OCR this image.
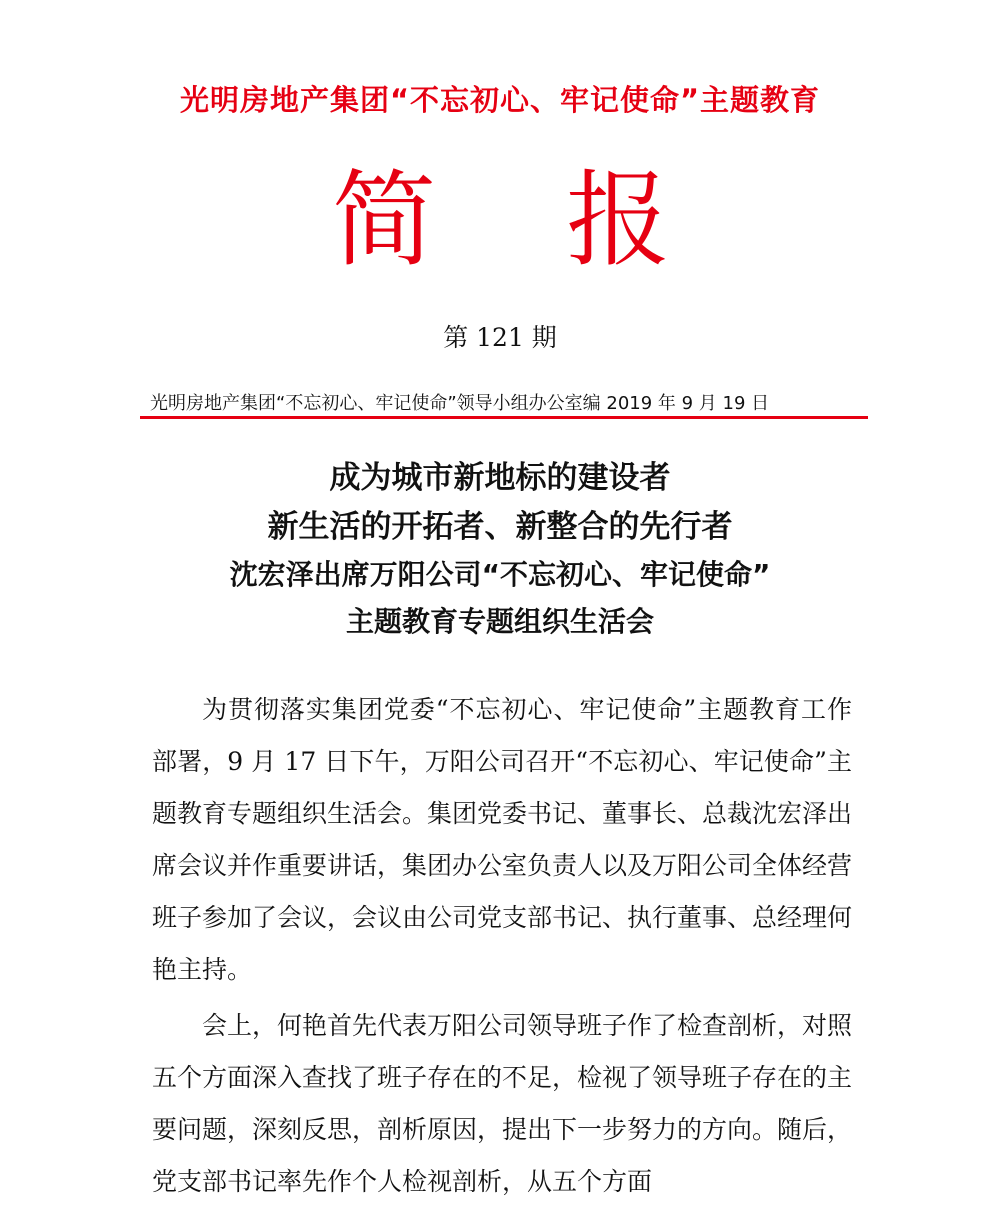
光明房地产集团“不忘初心、牢记使命”主题教育
简 报
第 121 期
光明房地产集团“不忘初心、牢记使命”领导小组办公室编 2019 年 9 月 19 日
成为城市新地标的建设者
新生活的开拓者、新整合的先行者
沈宏泽出席万阳公司“不忘初心、牢记使命”
主题教育专题组织生活会

为贯彻落实集团党委“不忘初心、牢记使命”主题教育工作部署，9 月 17 日下午，万阳公司召开“不忘初心、牢记使命”主题教育专题组织生活会。集团党委书记、董事长、总裁沈宏泽出席会议并作重要讲话，集团办公室负责人以及万阳公司全体经营班子参加了会议，会议由公司党支部书记、执行董事、总经理何艳主持。

会上，何艳首先代表万阳公司领导班子作了检查剖析，对照五个方面深入查找了班子存在的不足，检视了领导班子存在的主要问题，深刻反思，剖析原因，提出下一步努力的方向。随后，党支部书记率先作个人检视剖析，从五个方面
